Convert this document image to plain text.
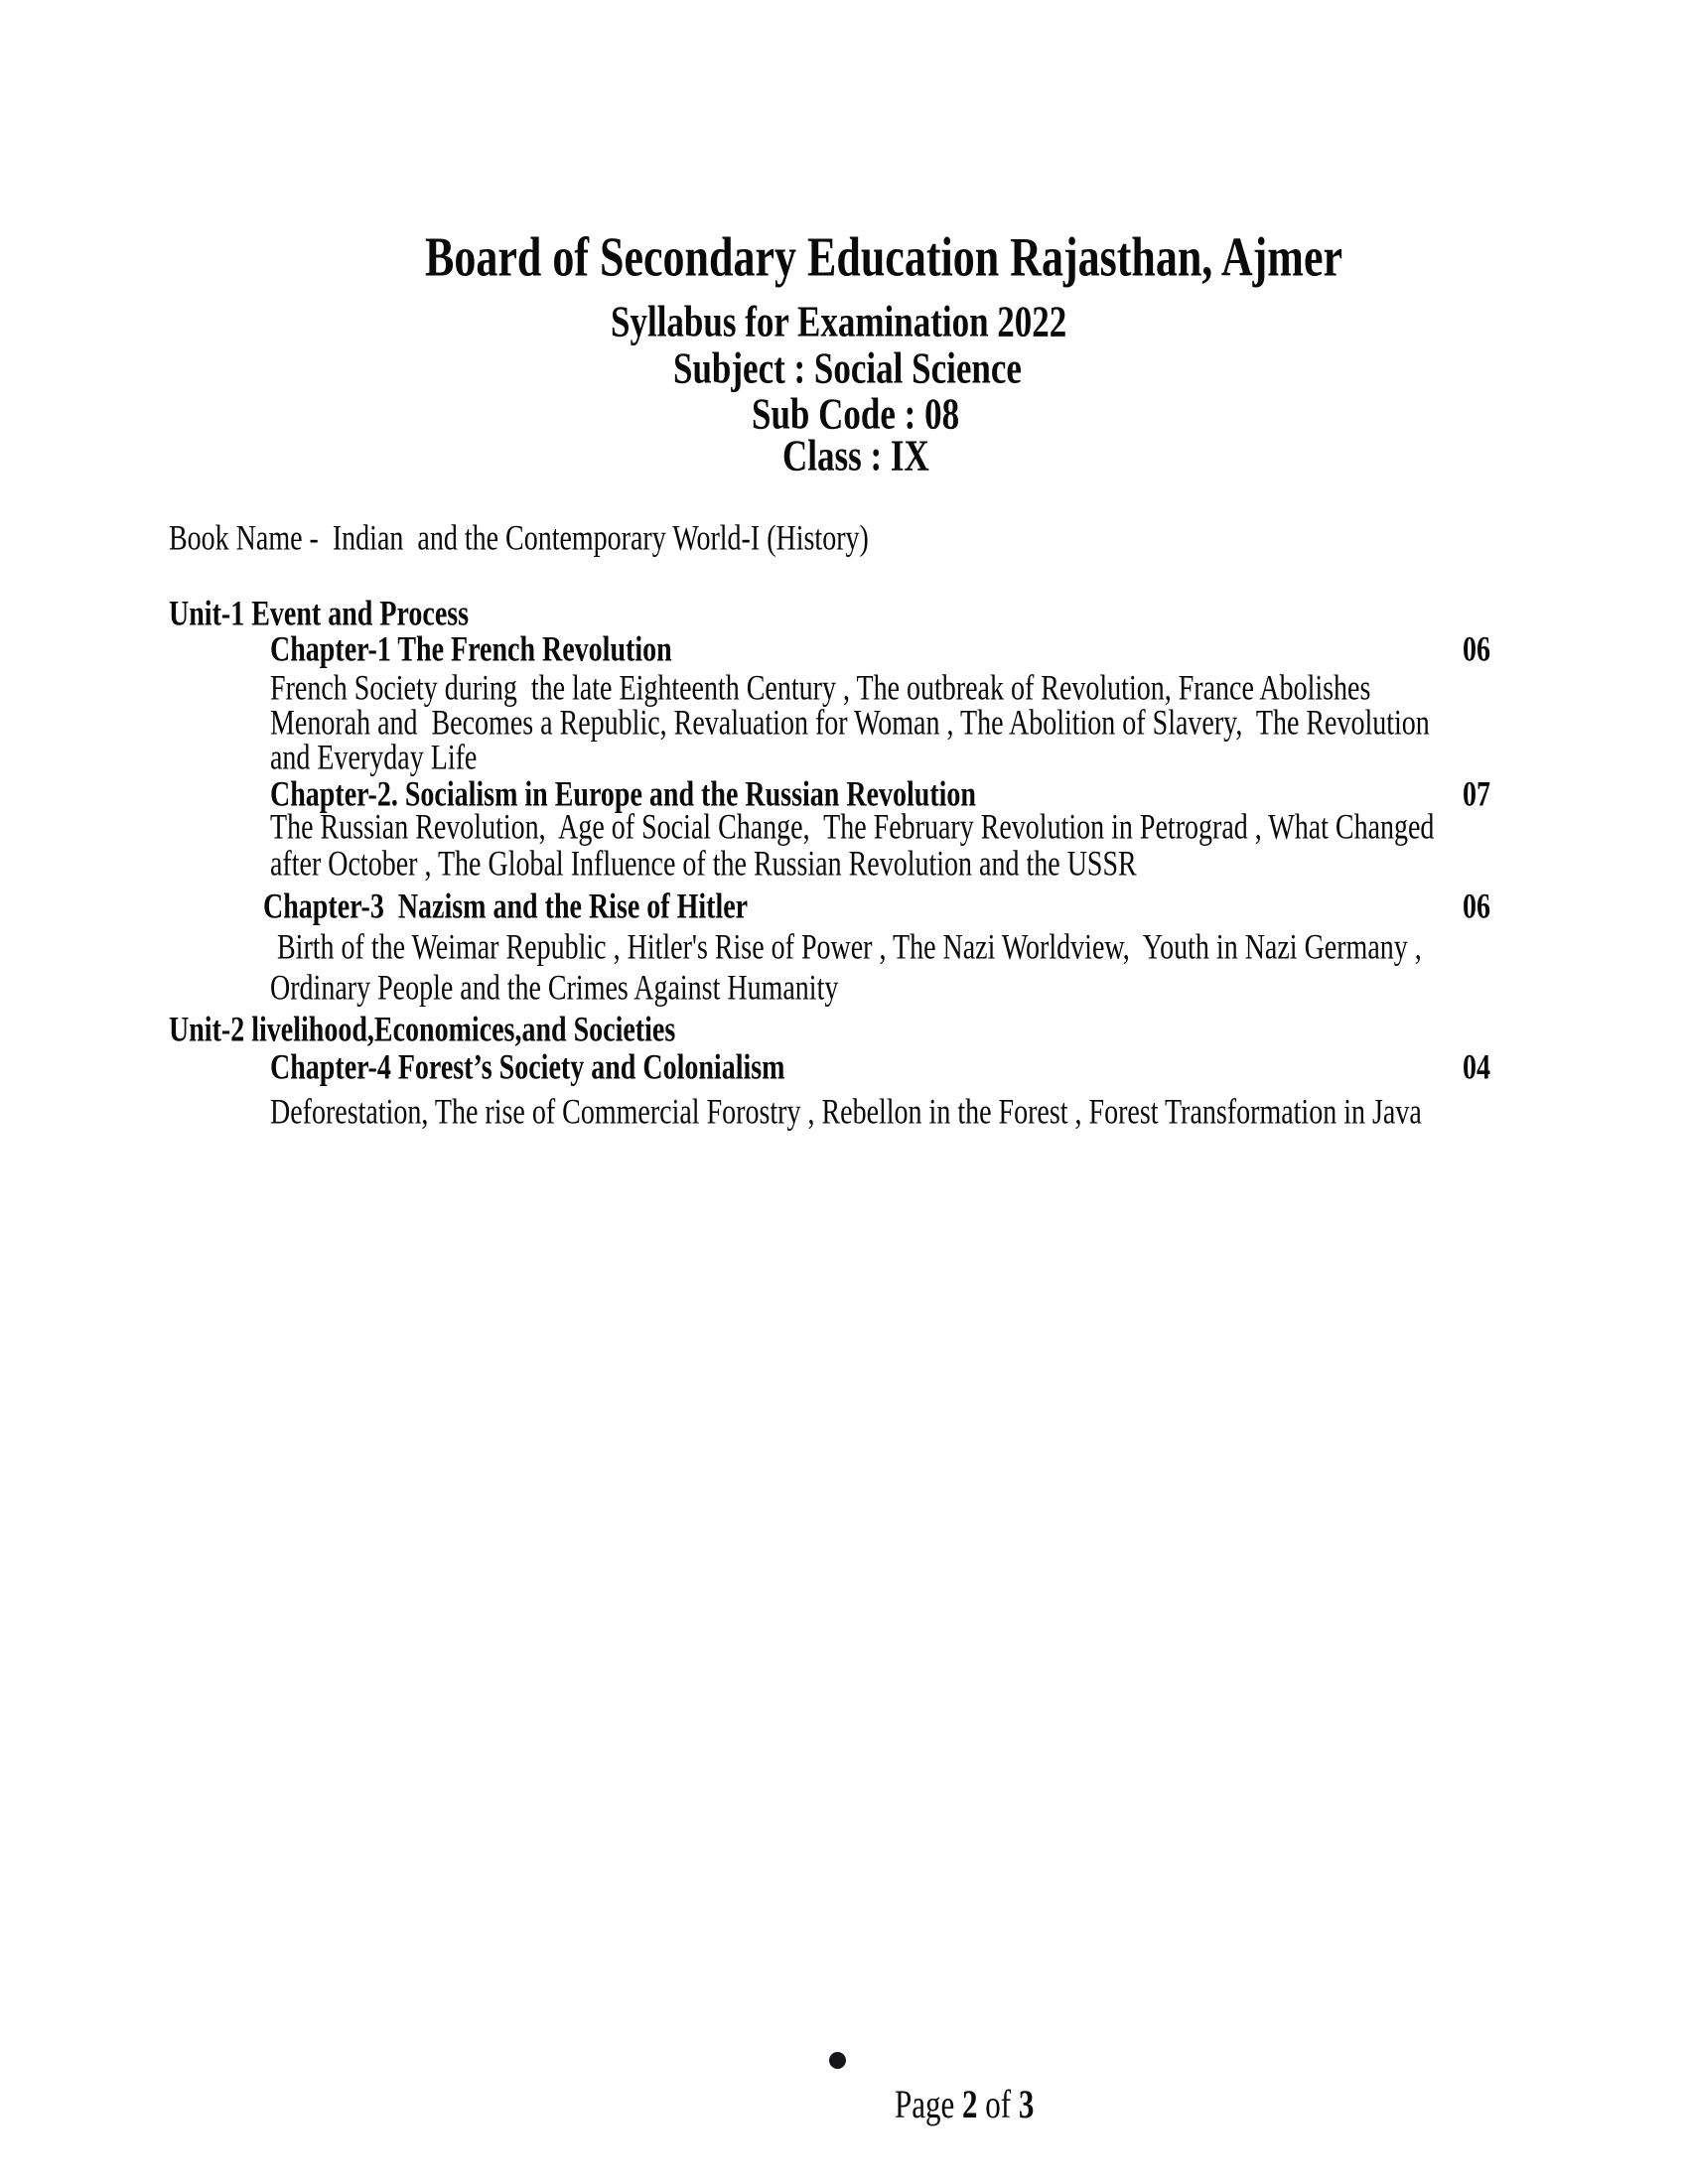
Board of Secondary Education Rajasthan, Ajmer
Syllabus for Examination 2022
Subject : Social Science
Sub Code : 08
Class : IX
Book Name -  Indian  and the Contemporary World-I (History)
Unit-1 Event and Process
Chapter-1 The French Revolution	06
French Society during  the late Eighteenth Century , The outbreak of Revolution, France Abolishes
Menorah and  Becomes a Republic, Revaluation for Woman , The Abolition of Slavery,  The Revolution
and Everyday Life
Chapter-2. Socialism in Europe and the Russian Revolution	07
The Russian Revolution,  Age of Social Change,  The February Revolution in Petrograd , What Changed
after October , The Global Influence of the Russian Revolution and the USSR
Chapter-3  Nazism and the Rise of Hitler	06
Birth of the Weimar Republic , Hitler's Rise of Power , The Nazi Worldview,  Youth in Nazi Germany ,
Ordinary People and the Crimes Against Humanity
Unit-2 livelihood,Economices,and Societies
Chapter-4 Forest’s Society and Colonialism	04
Deforestation, The rise of Commercial Forostry , Rebellon in the Forest , Forest Transformation in Java

Page 2 of 3
